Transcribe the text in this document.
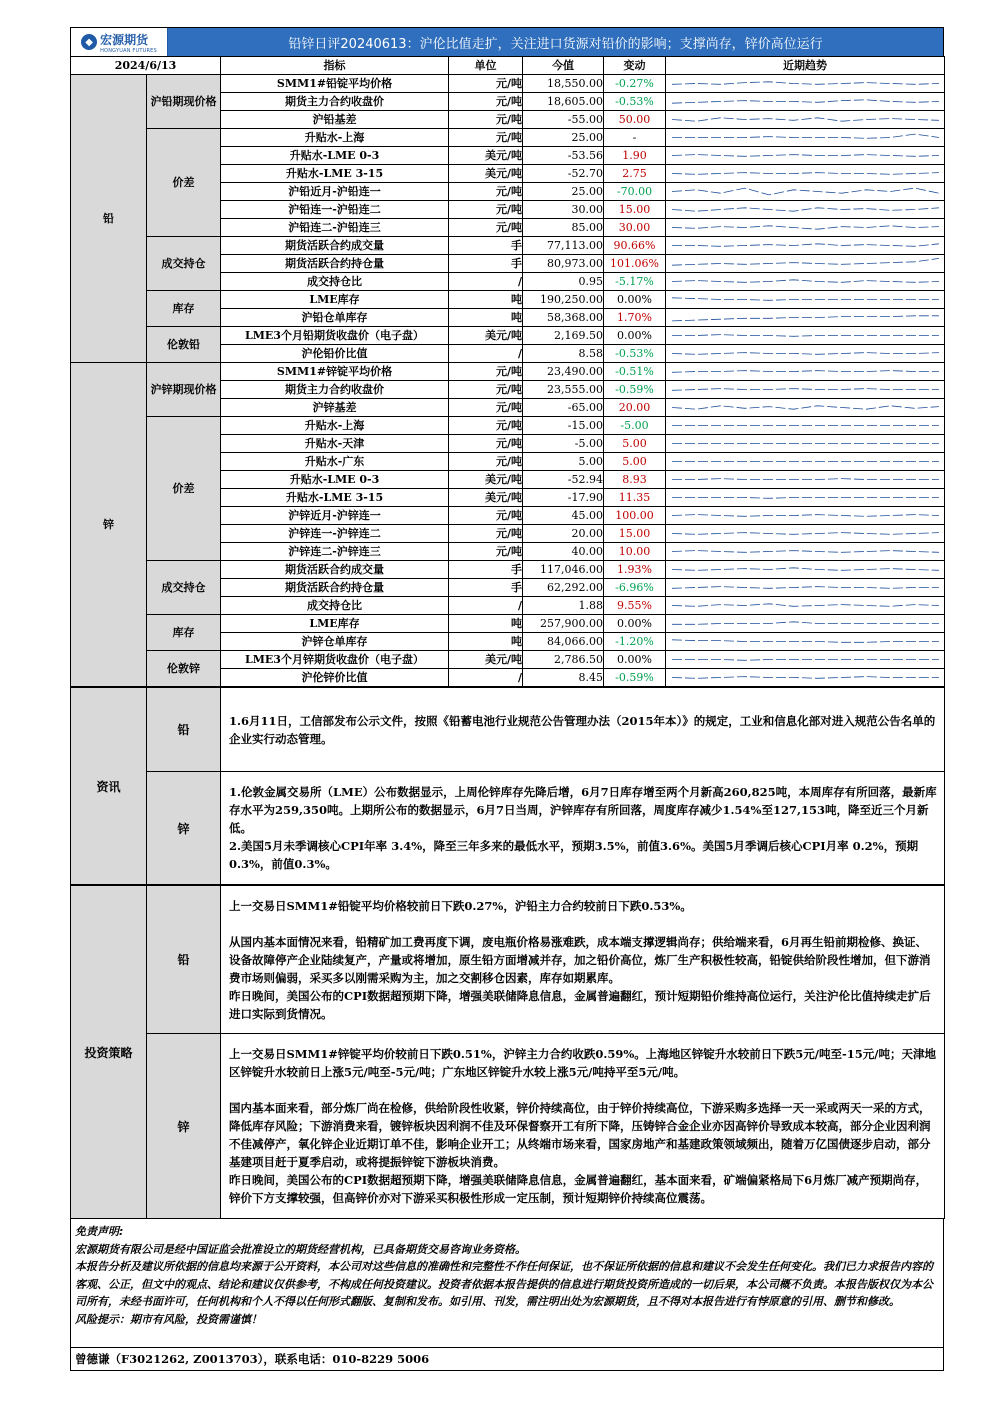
◆ 宏源期货
HONGYUAN FUTURES	铅锌日评20240613：沪伦比值走扩，关注进口货源对铅价的影响；支撑尚存，锌价高位运行
2024/6/13		指标	单位	今值	变动	近期趋势
铅	沪铅期现价格	SMM1#铅锭平均价格	元/吨	18,550.00	-0.27%	

		期货主力合约收盘价	元/吨	18,605.00	-0.53%	

		沪铅基差	元/吨	-55.00	50.00	

	价差	升贴水-上海	元/吨	25.00	-	

		升贴水-LME 0-3	美元/吨	-53.56	1.90	

		升贴水-LME 3-15	美元/吨	-52.70	2.75	

		沪铅近月-沪铅连一	元/吨	25.00	-70.00	

		沪铅连一-沪铅连二	元/吨	30.00	15.00	

		沪铅连二-沪铅连三	元/吨	85.00	30.00	

	成交持仓	期货活跃合约成交量	手	77,113.00	90.66%	

		期货活跃合约持仓量	手	80,973.00	101.06%	

		成交持仓比	/	0.95	-5.17%	

	库存	LME库存	吨	190,250.00	0.00%	

		沪铅仓单库存	吨	58,368.00	1.70%	

	伦敦铅	LME3个月铅期货收盘价（电子盘）	美元/吨	2,169.50	0.00%	

		沪伦铅价比值	/	8.58	-0.53%	

锌	沪锌期现价格	SMM1#锌锭平均价格	元/吨	23,490.00	-0.51%	

		期货主力合约收盘价	元/吨	23,555.00	-0.59%	

		沪锌基差	元/吨	-65.00	20.00	

	价差	升贴水-上海	元/吨	-15.00	-5.00	

		升贴水-天津	元/吨	-5.00	5.00	

		升贴水-广东	元/吨	5.00	5.00	

		升贴水-LME 0-3	美元/吨	-52.94	8.93	

		升贴水-LME 3-15	美元/吨	-17.90	11.35	

		沪锌近月-沪锌连一	元/吨	45.00	100.00	

		沪锌连一-沪锌连二	元/吨	20.00	15.00	

		沪锌连二-沪锌连三	元/吨	40.00	10.00	

	成交持仓	期货活跃合约成交量	手	117,046.00	1.93%	

		期货活跃合约持仓量	手	62,292.00	-6.96%	

		成交持仓比	/	1.88	9.55%	

	库存	LME库存	吨	257,900.00	0.00%	

		沪锌仓单库存	吨	84,066.00	-1.20%	

	伦敦锌	LME3个月锌期货收盘价（电子盘）	美元/吨	2,786.50	0.00%	

		沪伦锌价比值	/	8.45	-0.59%	
资讯	铅	1.6月11日，工信部发布公示文件，按照《铅蓄电池行业规范公告管理办法（2015年本）》的规定，工业和信息化部对进入规范公告名单的企业实行动态管理。

	锌	1.伦敦金属交易所（LME）公布数据显示，上周伦锌库存先降后增，6月7日库存增至两个月新高260,825吨，本周库存有所回落，最新库存水平为259,350吨。上期所公布的数据显示，6月7日当周，沪锌库存有所回落，周度库存减少1.54%至127,153吨，降至近三个月新低。

2.美国5月未季调核心CPI年率 3.4%，降至三年多来的最低水平，预期3.5%，前值3.6%。美国5月季调后核心CPI月率 0.2%，预期0.3%，前值0.3%。

投资策略	铅	上一交易日SMM1#铅锭平均价格较前日下跌0.27%，沪铅主力合约较前日下跌0.53%。

从国内基本面情况来看，铅精矿加工费再度下调，废电瓶价格易涨难跌，成本端支撑逻辑尚存；供给端来看，6月再生铅前期检修、换证、设备故障停产企业陆续复产，产量或将增加，原生铅方面增减并存，加之铅价高位，炼厂生产积极性较高，铅锭供给阶段性增加，但下游消费市场则偏弱，采买多以刚需采购为主，加之交割移仓因素，库存如期累库。

昨日晚间，美国公布的CPI数据超预期下降，增强美联储降息信息，金属普遍翻红，预计短期铅价维持高位运行，关注沪伦比值持续走扩后进口实际到货情况。

	锌	上一交易日SMM1#锌锭平均价较前日下跌0.51%，沪锌主力合约收跌0.59%。上海地区锌锭升水较前日下跌5元/吨至-15元/吨；天津地区锌锭升水较前日上涨5元/吨至-5元/吨；广东地区锌锭升水较上涨5元/吨持平至5元/吨。

国内基本面来看，部分炼厂尚在检修，供给阶段性收紧，锌价持续高位，由于锌价持续高位，下游采购多选择一天一采或两天一采的方式，降低库存风险；下游消费来看，镀锌板块因利润不佳及环保督察开工有所下降，压铸锌合金企业亦因高锌价导致成本较高，部分企业因利润不佳减停产，氧化锌企业近期订单不佳，影响企业开工；从终端市场来看，国家房地产和基建政策领域频出，随着万亿国债逐步启动，部分基建项目赶于夏季启动，或将提振锌锭下游板块消费。

昨日晚间，美国公布的CPI数据超预期下降，增强美联储降息信息，金属普遍翻红，基本面来看，矿端偏紧格局下6月炼厂减产预期尚存，锌价下方支撑较强，但高锌价亦对下游采买积极性形成一定压制，预计短期锌价持续高位震荡。

免责声明:

宏源期货有限公司是经中国证监会批准设立的期货经营机构，已具备期货交易咨询业务资格。

本报告分析及建议所依据的信息均来源于公开资料，本公司对这些信息的准确性和完整性不作任何保证，也不保证所依据的信息和建议不会发生任何变化。我们已力求报告内容的客观、公正，但文中的观点、结论和建议仅供参考，不构成任何投资建议。投资者依据本报告提供的信息进行期货投资所造成的一切后果，本公司概不负责。本报告版权仅为本公司所有，未经书面许可，任何机构和个人不得以任何形式翻版、复制和发布。如引用、刊发，需注明出处为宏源期货，且不得对本报告进行有悖原意的引用、删节和修改。

风险提示：期市有风险，投资需谨慎！

曾德谦（F3021262, Z0013703），联系电话：010-8229 5006
